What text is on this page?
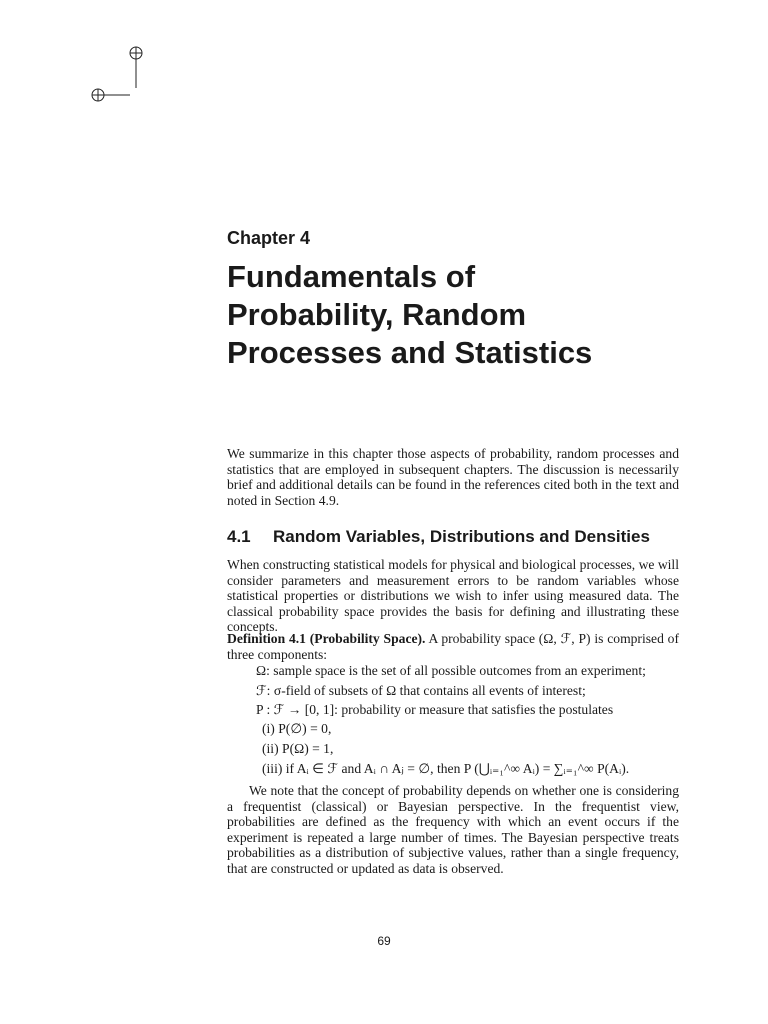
Chapter 4
Fundamentals of
Probability, Random
Processes and Statistics

We summarize in this chapter those aspects of probability, random processes and statistics that are employed in subsequent chapters. The discussion is necessarily brief and additional details can be found in the references cited both in the text and noted in Section 4.9.

4.1 Random Variables, Distributions and Densities

When constructing statistical models for physical and biological processes, we will consider parameters and measurement errors to be random variables whose statistical properties or distributions we wish to infer using measured data. The classical probability space provides the basis for defining and illustrating these concepts.

Definition 4.1 (Probability Space). A probability space (Ω, ℱ, P) is comprised of three components:

Ω: sample space is the set of all possible outcomes from an experiment;
ℱ: σ-field of subsets of Ω that contains all events of interest;
P : ℱ → [0, 1]: probability or measure that satisfies the postulates
(i) P(∅) = 0,
(ii) P(Ω) = 1,
(iii) if Aᵢ ∈ ℱ and Aᵢ ∩ Aⱼ = ∅, then P (⋃ᵢ₌₁^∞ Aᵢ) = ∑ᵢ₌₁^∞ P(Aᵢ).

We note that the concept of probability depends on whether one is considering a frequentist (classical) or Bayesian perspective. In the frequentist view, probabilities are defined as the frequency with which an event occurs if the experiment is repeated a large number of times. The Bayesian perspective treats probabilities as a distribution of subjective values, rather than a single frequency, that are constructed or updated as data is observed.

69
